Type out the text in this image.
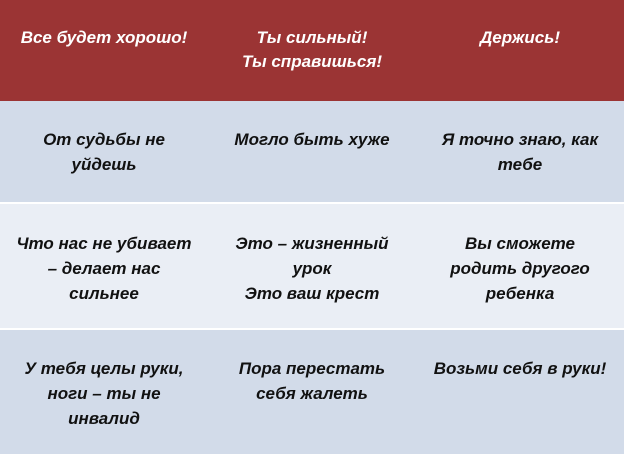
Все будет хорошо!	Ты сильный!
Ты справишься!
Держись!
От судьбы не
уйдешь
Могло быть хуже	Я точно знаю, как
тебе
Что нас не убивает
– делает нас
сильнее
Это – жизненный
урок
Это ваш крест
Вы сможете
родить другого
ребенка
У тебя целы руки,
ноги – ты не
инвалид
Пора перестать
себя жалеть
Возьми себя в руки!
